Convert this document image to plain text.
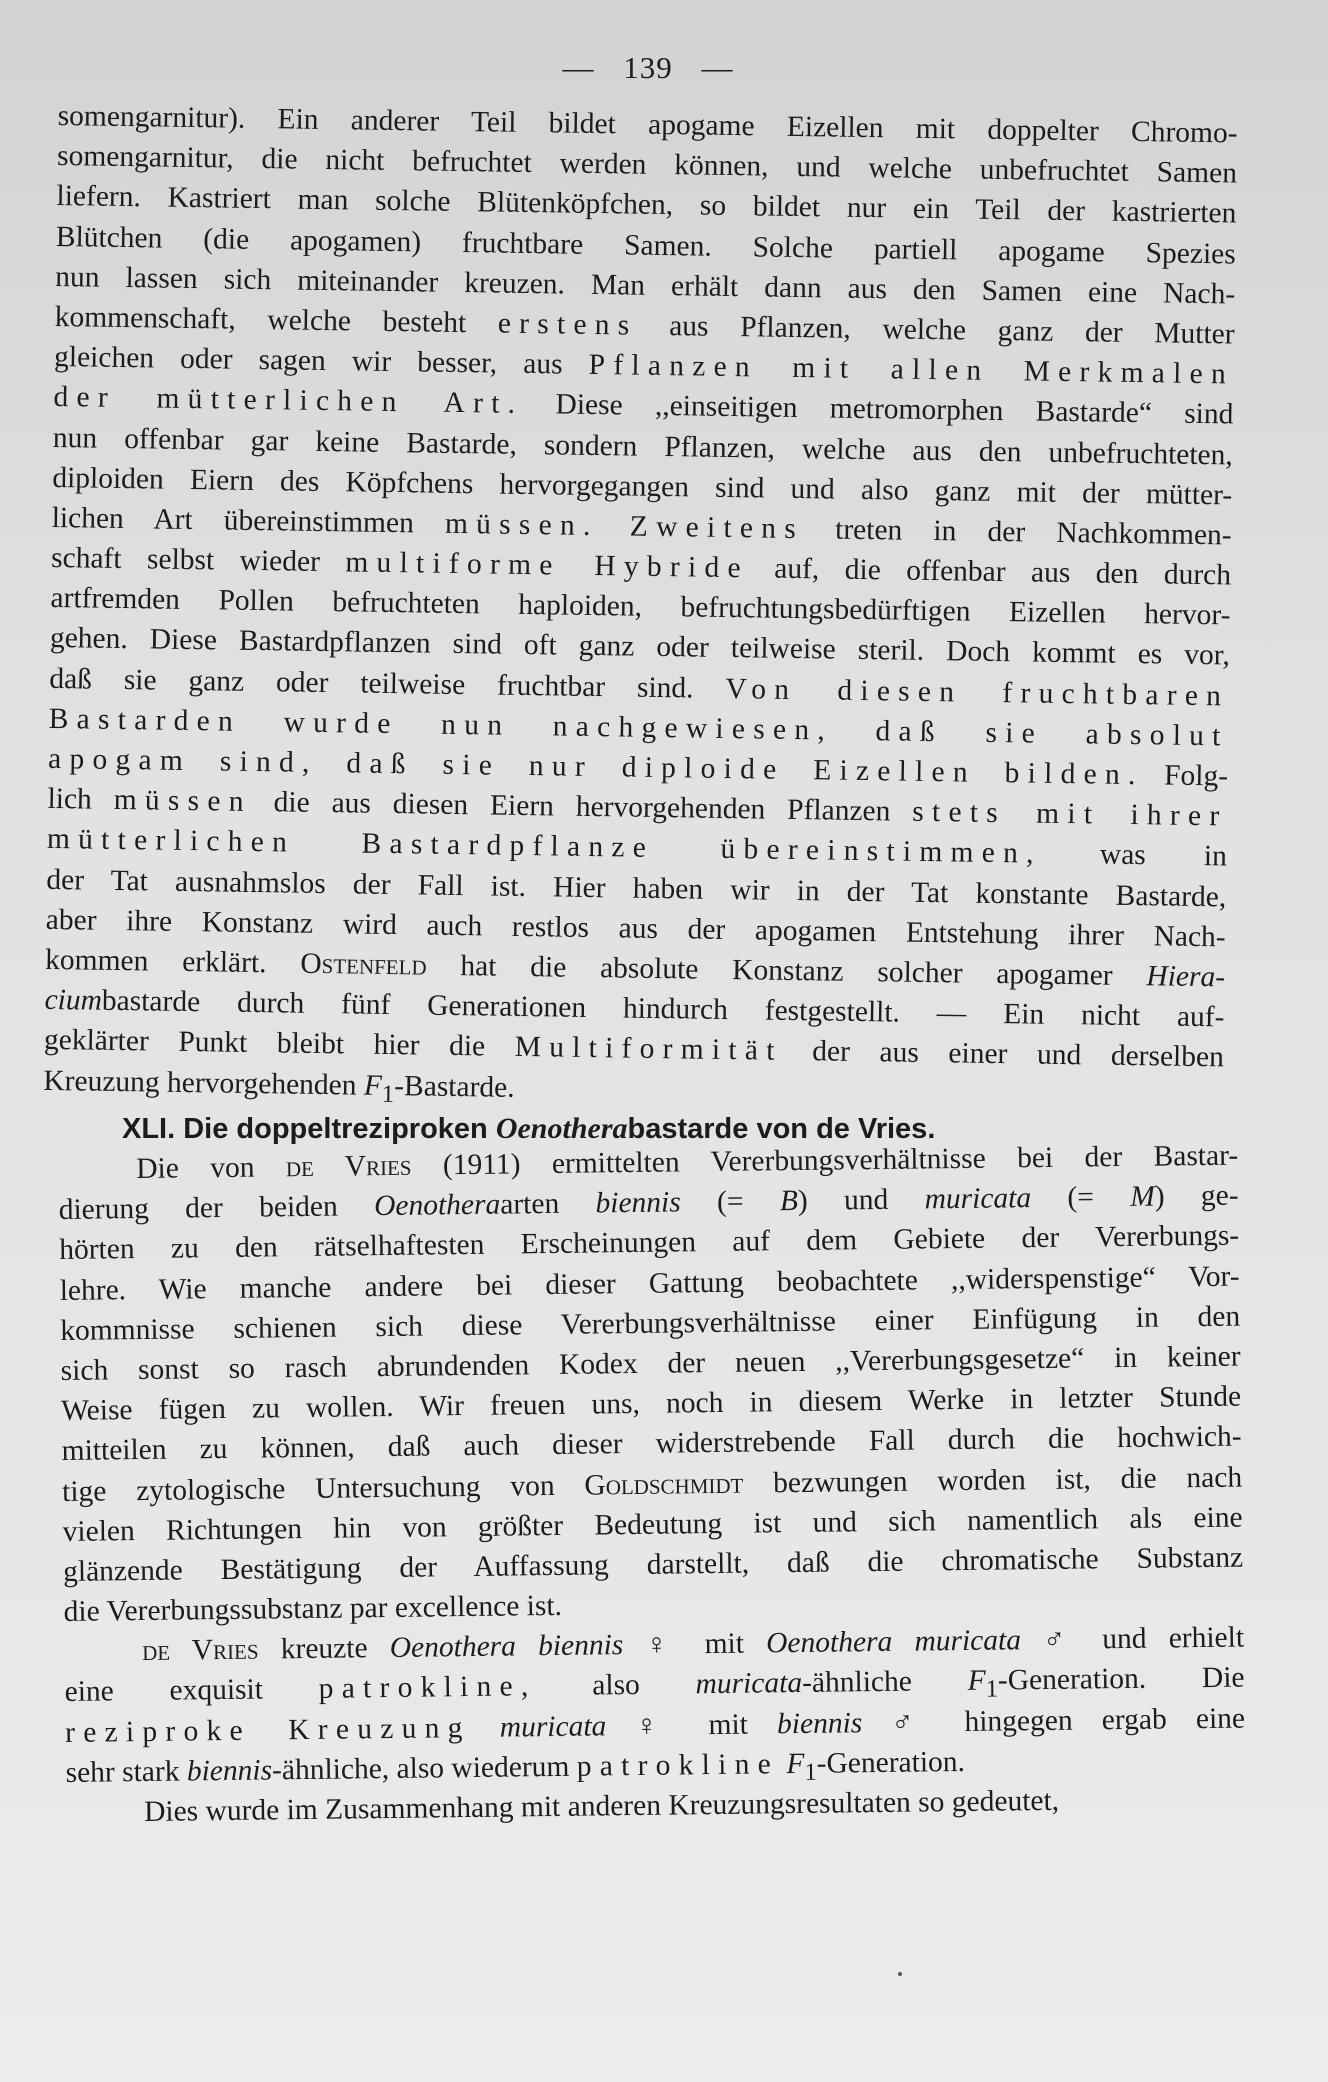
— 139 —
somengarnitur). Ein anderer Teil bildet apogame Eizellen mit doppelter Chromo-
somengarnitur, die nicht befruchtet werden können, und welche unbefruchtet Samen
liefern. Kastriert man solche Blütenköpfchen, so bildet nur ein Teil der kastrierten
Blütchen (die apogamen) fruchtbare Samen. Solche partiell apogame Spezies
nun lassen sich miteinander kreuzen. Man erhält dann aus den Samen eine Nach-
kommenschaft, welche besteht erstens aus Pflanzen, welche ganz der Mutter
gleichen oder sagen wir besser, aus Pflanzen mit allen Merkmalen
der mütterlichen Art. Diese ,,einseitigen metromorphen Bastarde“ sind
nun offenbar gar keine Bastarde, sondern Pflanzen, welche aus den unbefruchteten,
diploiden Eiern des Köpfchens hervorgegangen sind und also ganz mit der mütter-
lichen Art übereinstimmen müssen. Zweitens treten in der Nachkommen-
schaft selbst wieder multiforme Hybride auf, die offenbar aus den durch
artfremden Pollen befruchteten haploiden, befruchtungsbedürftigen Eizellen hervor-
gehen. Diese Bastardpflanzen sind oft ganz oder teilweise steril. Doch kommt es vor,
daß sie ganz oder teilweise fruchtbar sind. Von diesen fruchtbaren
Bastarden wurde nun nachgewiesen, daß sie absolut
apogam sind, daß sie nur diploide Eizellen bilden. Folg-
lich müssen die aus diesen Eiern hervorgehenden Pflanzen stets mit ihrer
mütterlichen Bastardpflanze übereinstimmen, was in
der Tat ausnahmslos der Fall ist. Hier haben wir in der Tat konstante Bastarde,
aber ihre Konstanz wird auch restlos aus der apogamen Entstehung ihrer Nach-
kommen erklärt. Ostenfeld hat die absolute Konstanz solcher apogamer Hiera-
ciumbastarde durch fünf Generationen hindurch festgestellt. — Ein nicht auf-
geklärter Punkt bleibt hier die Multiformität der aus einer und derselben
Kreuzung hervorgehenden $F_1$-Bastarde.
XLI. Die doppeltreziproken Oenotherabastarde von de Vries.
Die von de Vries (1911) ermittelten Vererbungsverhältnisse bei der Bastar-
dierung der beiden Oenotheraarten biennis (= B) und muricata (= M) ge-
hörten zu den rätselhaftesten Erscheinungen auf dem Gebiete der Vererbungs-
lehre. Wie manche andere bei dieser Gattung beobachtete ,,widerspenstige“ Vor-
kommnisse schienen sich diese Vererbungsverhältnisse einer Einfügung in den
sich sonst so rasch abrundenden Kodex der neuen ,,Vererbungsgesetze“ in keiner
Weise fügen zu wollen. Wir freuen uns, noch in diesem Werke in letzter Stunde
mitteilen zu können, daß auch dieser widerstrebende Fall durch die hochwich-
tige zytologische Untersuchung von Goldschmidt bezwungen worden ist, die nach
vielen Richtungen hin von größter Bedeutung ist und sich namentlich als eine
glänzende Bestätigung der Auffassung darstellt, daß die chromatische Substanz
die Vererbungssubstanz par excellence ist.
de Vries kreuzte Oenothera biennis ♀ mit Oenothera muricata ♂ und erhielt
eine exquisit patrokline, also muricata-ähnliche $F_1$-Generation. Die
reziproke Kreuzung muricata ♀ mit biennis ♂ hingegen ergab eine
sehr stark biennis-ähnliche, also wiederum patrokline $F_1$-Generation.
Dies wurde im Zusammenhang mit anderen Kreuzungsresultaten so gedeutet,
